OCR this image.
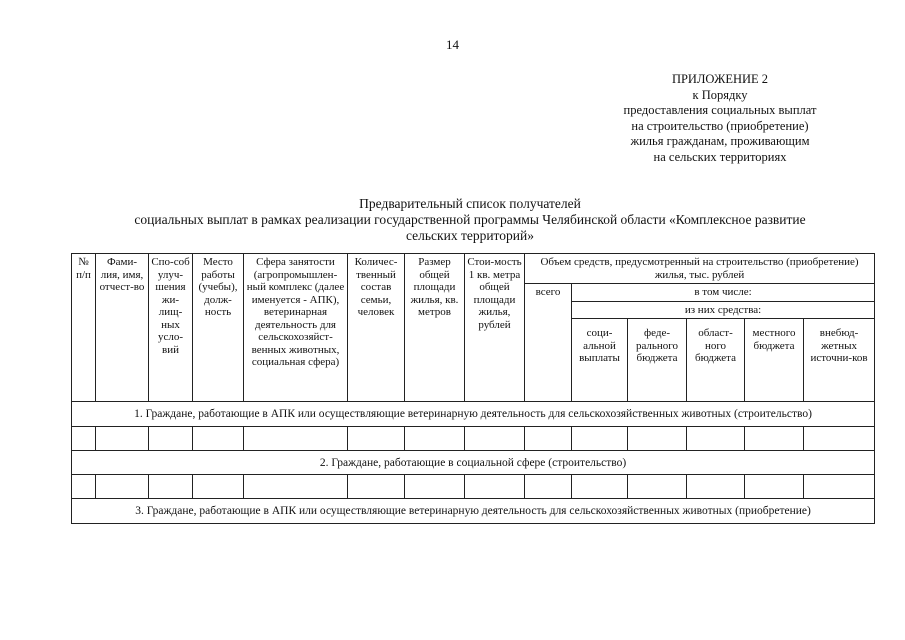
14
ПРИЛОЖЕНИЕ 2
к Порядку
предоставления социальных выплат
на строительство (приобретение)
жилья гражданам, проживающим
на сельских территориях
Предварительный список получателей
социальных выплат в рамках реализации государственной программы Челябинской области «Комплексное развитие
сельских территорий»
№ п/п	Фами-лия, имя, отчест-во	Спо-соб улуч-шения жи-лищ-ных усло-вий	Место работы (учебы), долж-ность	Сфера занятости (агропромышлен-ный комплекс (далее именуется - АПК), ветеринарная деятельность для сельскохозяйст-венных животных, социальная сфера)	Количес-твенный состав семьи, человек	Размер общей площади жилья, кв. метров	Стои-мость 1 кв. метра общей площади жилья, рублей	Объем средств, предусмотренный на строительство (приобретение) жилья, тыс. рублей					

								всего	в том числе:				

									из них средства:				

									соци-альной выплаты	феде-рального бюджета	област-ного бюджета	местного бюджета	внебюд-жетных источни-ков

1. Граждане, работающие в АПК или осуществляющие ветеринарную деятельность для сельскохозяйственных животных (строительство)													

2. Граждане, работающие в социальной сфере (строительство)													

3. Граждане, работающие в АПК или осуществляющие ветеринарную деятельность для сельскохозяйственных животных (приобретение)													
